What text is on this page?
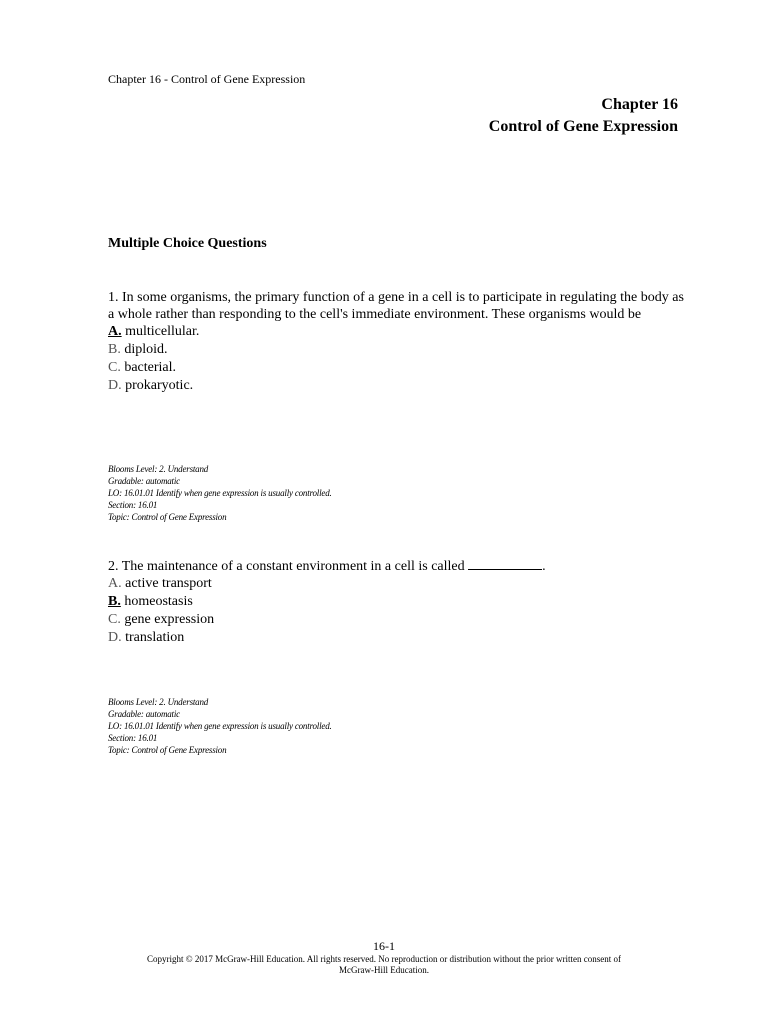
Chapter 16 - Control of Gene Expression
Chapter 16
Control of Gene Expression
Multiple Choice Questions

1. In some organisms, the primary function of a gene in a cell is to participate in regulating the body as a whole rather than responding to the cell's immediate environment. These organisms would be

A. multicellular.
B. diploid.
C. bacterial.
D. prokaryotic.
Blooms Level: 2. Understand
Gradable: automatic
LO: 16.01.01 Identify when gene expression is usually controlled.
Section: 16.01
Topic: Control of Gene Expression

2. The maintenance of a constant environment in a cell is called	.

A. active transport
B. homeostasis
C. gene expression
D. translation
Blooms Level: 2. Understand
Gradable: automatic
LO: 16.01.01 Identify when gene expression is usually controlled.
Section: 16.01
Topic: Control of Gene Expression
16-1
Copyright © 2017 McGraw-Hill Education. All rights reserved. No reproduction or distribution without the prior written consent of
McGraw-Hill Education.
